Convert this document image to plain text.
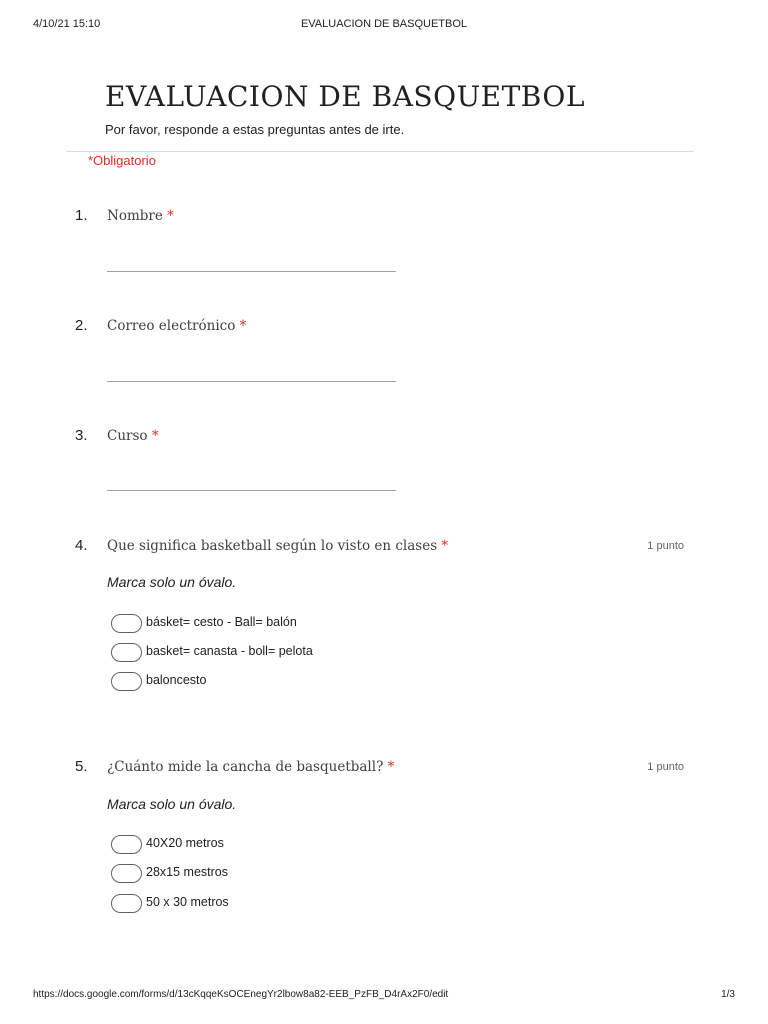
4/10/21 15:10	EVALUACION DE BASQUETBOL
EVALUACION DE BASQUETBOL
Por favor, responde a estas preguntas antes de irte.
*Obligatorio
1. Nombre *
2. Correo electrónico *
3. Curso *
4. Que significa basketball según lo visto en clases *	1 punto
Marca solo un óvalo.
básket= cesto - Ball= balón
basket= canasta - boll= pelota
baloncesto
5. ¿Cuánto mide la cancha de basquetball? *	1 punto
Marca solo un óvalo.
40X20 metros
28x15 mestros
50 x 30 metros
https://docs.google.com/forms/d/13cKqqeKsOCEnegYr2lbow8a82-EEB_PzFB_D4rAx2F0/edit	1/3
